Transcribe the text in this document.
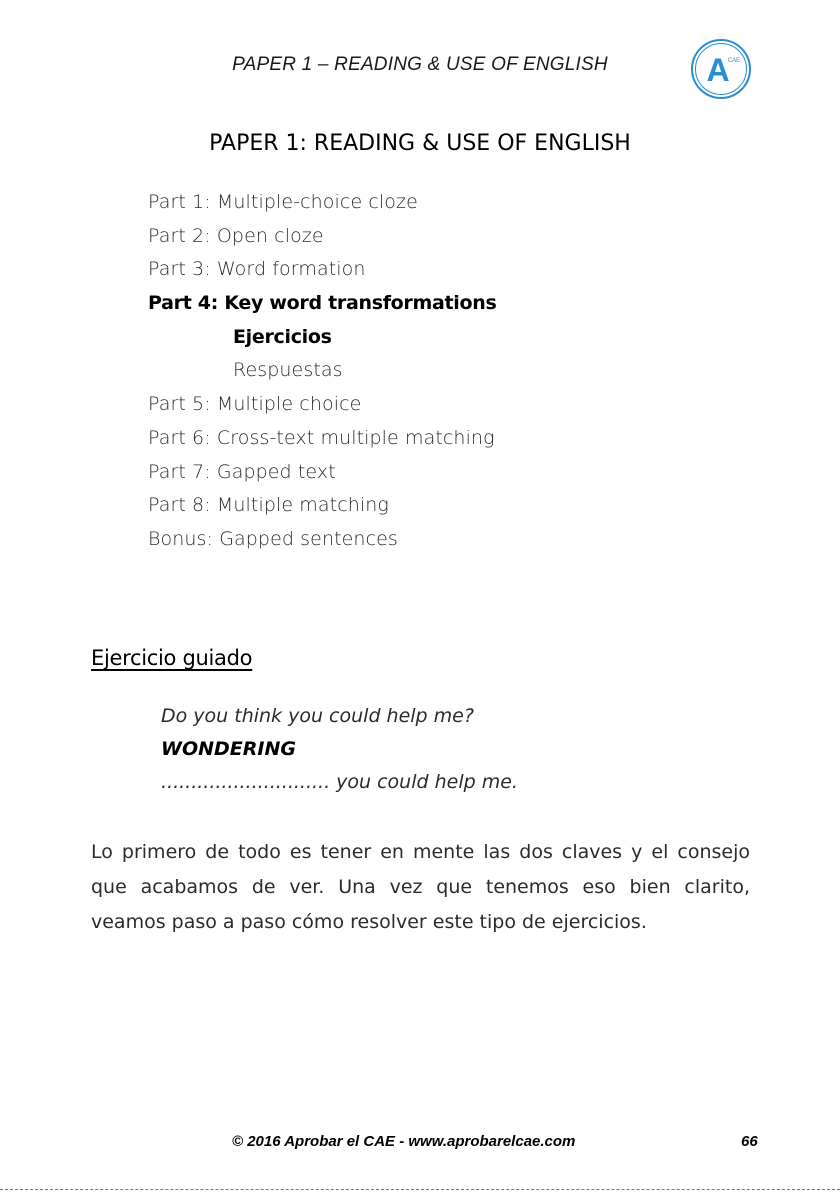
PAPER 1 – READING & USE OF ENGLISH	A
CAE
PAPER 1: READING & USE OF ENGLISH
Part 1: Multiple-choice cloze
Part 2: Open cloze
Part 3: Word formation
Part 4: Key word transformations
Ejercicios
Respuestas
Part 5: Multiple choice
Part 6: Cross-text multiple matching
Part 7: Gapped text
Part 8: Multiple matching
Bonus: Gapped sentences
Ejercicio guiado
Do you think you could help me?
WONDERING
............................ you could help me.
Lo primero de todo es tener en mente las dos claves y el consejo que acabamos de ver. Una vez que tenemos eso bien clarito, veamos paso a paso cómo resolver este tipo de ejercicios.
© 2016 Aprobar el CAE - www.aprobarelcae.com	66
